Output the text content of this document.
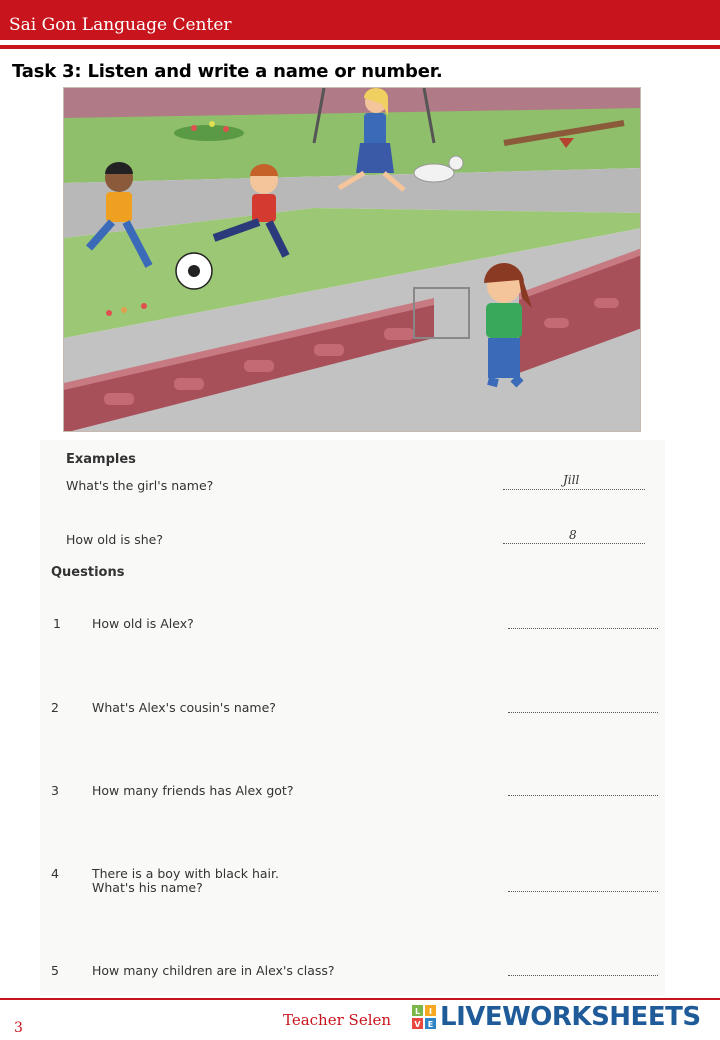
Sai Gon Language Center
Task 3: Listen and write a name or number.
Examples
What's the girl's name?	Jill
How old is she?	8
Questions
1 How old is Alex?
2	What's Alex's cousin's name?
3	How many friends has Alex got?
4	There is a boy with black hair.
What's his name?
5	How many children are in Alex's class?
3	Teacher Selen	L I
V E LIVEWORKSHEETS
